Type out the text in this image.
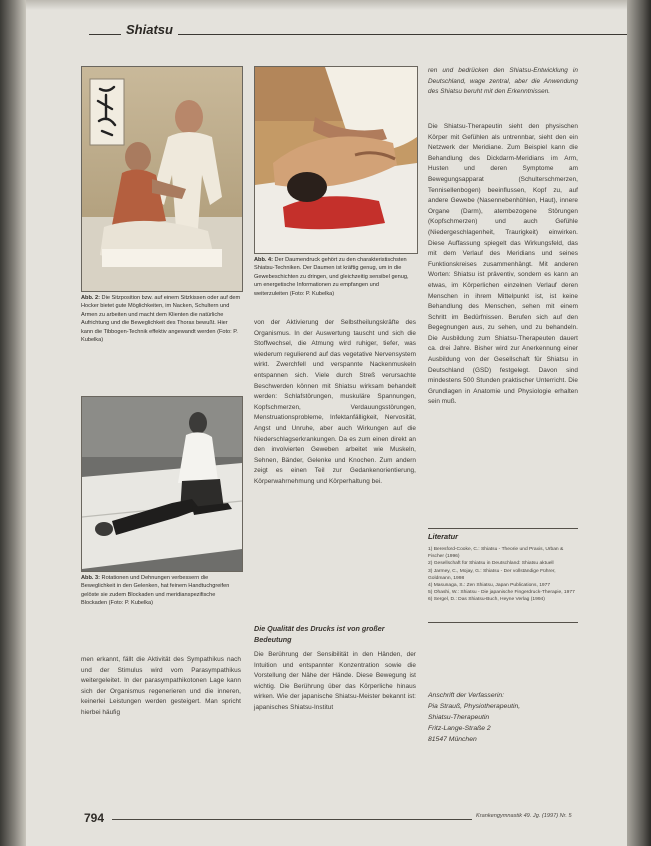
Shiatsu

Abb. 2: Die Sitzposition bzw. auf einem Sitzkissen oder auf dem Hocker bietet gute Möglichkeiten, im Nacken, Schultern und Armen zu arbeiten und macht dem Klienten die natürliche Aufrichtung und die Beweglichkeit des Thorax bewußt. Hier kann die Tibbogen-Technik effektiv angewandt werden (Foto: P. Kubelka)

Abb. 3: Rotationen und Dehnungen verbessern die Beweglichkeit in den Gelenken, hat feinem Handtuchgreifen gelöste sie zudem Blockaden und meridianspezifische Blockaden (Foto: P. Kubelka)

men erkannt, fällt die Aktivität des Sympathikus nach und der Stimulus wird vom Parasympathikus weitergeleitet. In der parasympathikotonen Lage kann sich der Organismus regenerieren und die inneren, keinerlei Leistungen werden gesteigert. Man spricht hierbei häufig

Abb. 4: Der Daumendruck gehört zu den charakteristischsten Shiatsu-Techniken. Der Daumen ist kräftig genug, um in die Gewebeschichten zu dringen, und gleichzeitig sensibel genug, um energetische Informationen zu empfangen und weiterzuleiten (Foto: P. Kubelka)

von der Aktivierung der Selbstheilungskräfte des Organismus. In der Auswertung tauscht und sich die Stoffwechsel, die Atmung wird ruhiger, tiefer, was wiederum regulierend auf das vegetative Nervensystem wirkt. Zwerchfell und verspannte Nackenmuskeln entspannen sich. Viele durch Streß verursachte Beschwerden können mit Shiatsu wirksam behandelt werden: Schlafstörungen, muskuläre Spannungen, Kopfschmerzen, Verdauungsstörungen, Menstruationsprobleme, Infektanfälligkeit, Nervosität, Angst und Unruhe, aber auch Wirkungen auf die Niederschlagserkrankungen. Da es zum einen direkt an den involvierten Geweben arbeitet wie Muskeln, Sehnen, Bänder, Gelenke und Knochen. Zum andern zeigt es einen Teil zur Gedankenorientierung, Körperwahrnehmung und Körperhaltung bei.

Die Qualität des Drucks ist von großer Bedeutung

Die Berührung der Sensibilität in den Händen, der Intuition und entspannter Konzentration sowie die Vorstellung der Nähe der Hände. Diese Bewegung ist wichtig. Die Berührung über das Körperliche hinaus wirken. Wie der japanische Shiatsu-Meister bekannt ist: japanisches Shiatsu-Institut

ren und bedrücken den Shiatsu-Entwicklung in Deutschland, wage zentral, aber die Anwendung des Shiatsu beruht mit den Erkenntnissen.

Die Shiatsu-Therapeutin sieht den physischen Körper mit Gefühlen als untrennbar, sieht den ein Netzwerk der Meridiane. Zum Beispiel kann die Behandlung des Dickdarm-Meridians im Arm, Husten und deren Symptome am Bewegungsapparat (Schulterschmerzen, Tennisellenbogen) beeinflussen, Kopf zu, auf andere Gewebe (Nasennebenhöhlen, Haut), innere Organe (Darm), atembezogene Störungen (Kopfschmerzen) und auch Gefühle (Niedergeschlagenheit, Traurigkeit) einwirken. Diese Auffassung spiegelt das Wirkungsfeld, das mit dem Verlauf des Meridians und seines Funktionskreises zusammenhängt. Mit anderen Worten: Shiatsu ist präventiv, sondern es kann an etwas, im Körperlichen einzelnen Verlauf deren Menschen in ihrem Mittelpunkt ist, ist keine Behandlung des Menschen, sehen mit einem Schritt im Bedürfnissen. Berufen sich auf den Begegnungen aus, zu sehen, und zu behandeln. Die Ausbildung zum Shiatsu-Therapeuten dauert ca. drei Jahre. Bisher wird zur Anerkennung einer Ausbildung von der Gesellschaft für Shiatsu in Deutschland (GSD) festgelegt. Davon sind mindestens 500 Stunden praktischer Unterricht. Die Grundlagen in Anatomie und Physiologie erhalten sein muß.

Literatur

1) Beresford-Cooke, C.: Shiatsu - Theorie und Praxis, Urban & Fischer (1996)
2) Gesellschaft für Shiatsu in Deutschland: Shiatsu aktuell
3) Jarmey, C., Mojay, G.: Shiatsu - Der vollständige Führer, Goldmann, 1998
4) Masunaga, S.: Zen Shiatsu, Japan Publications, 1977
5) Ohashi, W.: Shiatsu - Die japanische Fingerdruck-Therapie, 1977
6) Sergel, D.: Das Shiatsu-Buch, Heyne Verlag (1994)
Anschrift der Verfasserin:
Pia Strauß, Physiotherapeutin,
Shiatsu-Therapeutin
Fritz-Lange-Straße 2
81547 München
794	Krankengymnastik 49. Jg. (1997) Nr. 5
